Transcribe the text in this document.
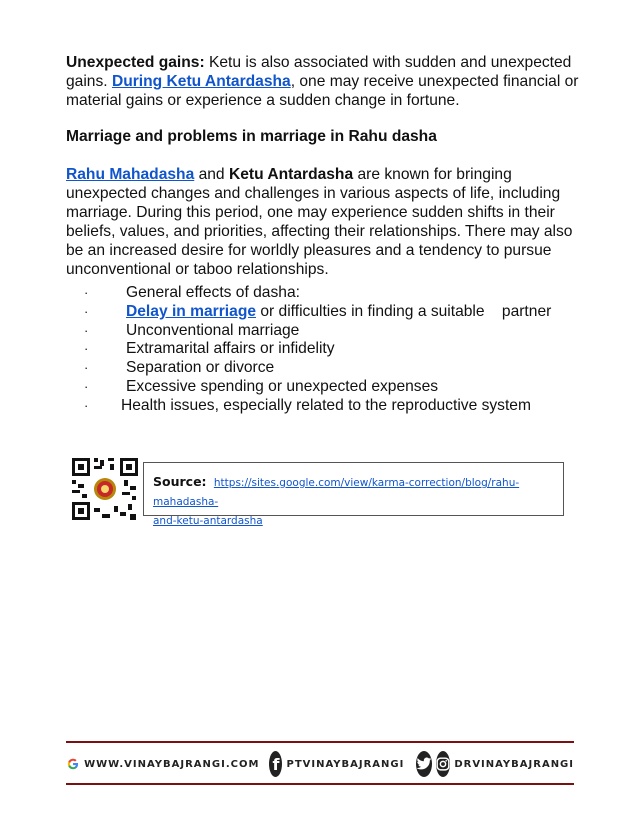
Unexpected gains: Ketu is also associated with sudden and unexpected gains. During Ketu Antardasha, one may receive unexpected financial or material gains or experience a sudden change in fortune.

Marriage and problems in marriage in Rahu dasha

Rahu Mahadasha and Ketu Antardasha are known for bringing unexpected changes and challenges in various aspects of life, including marriage. During this period, one may experience sudden shifts in their beliefs, values, and priorities, affecting their relationships. There may also be an increased desire for worldly pleasures and a tendency to pursue unconventional or taboo relationships.

· General effects of dasha:
· Delay in marriage or difficulties in finding a suitable    partner
· Unconventional marriage
· Extramarital affairs or infidelity
· Separation or divorce
· Excessive spending or unexpected expenses
· Health issues, especially related to the reproductive system
Source: https://sites.google.com/view/karma-correction/blog/rahu-mahadasha-
and-ketu-antardasha
WWW.VINAYBAJRANGI.COM f PTVINAYBAJRANGI	DRVINAYBAJRANGI
